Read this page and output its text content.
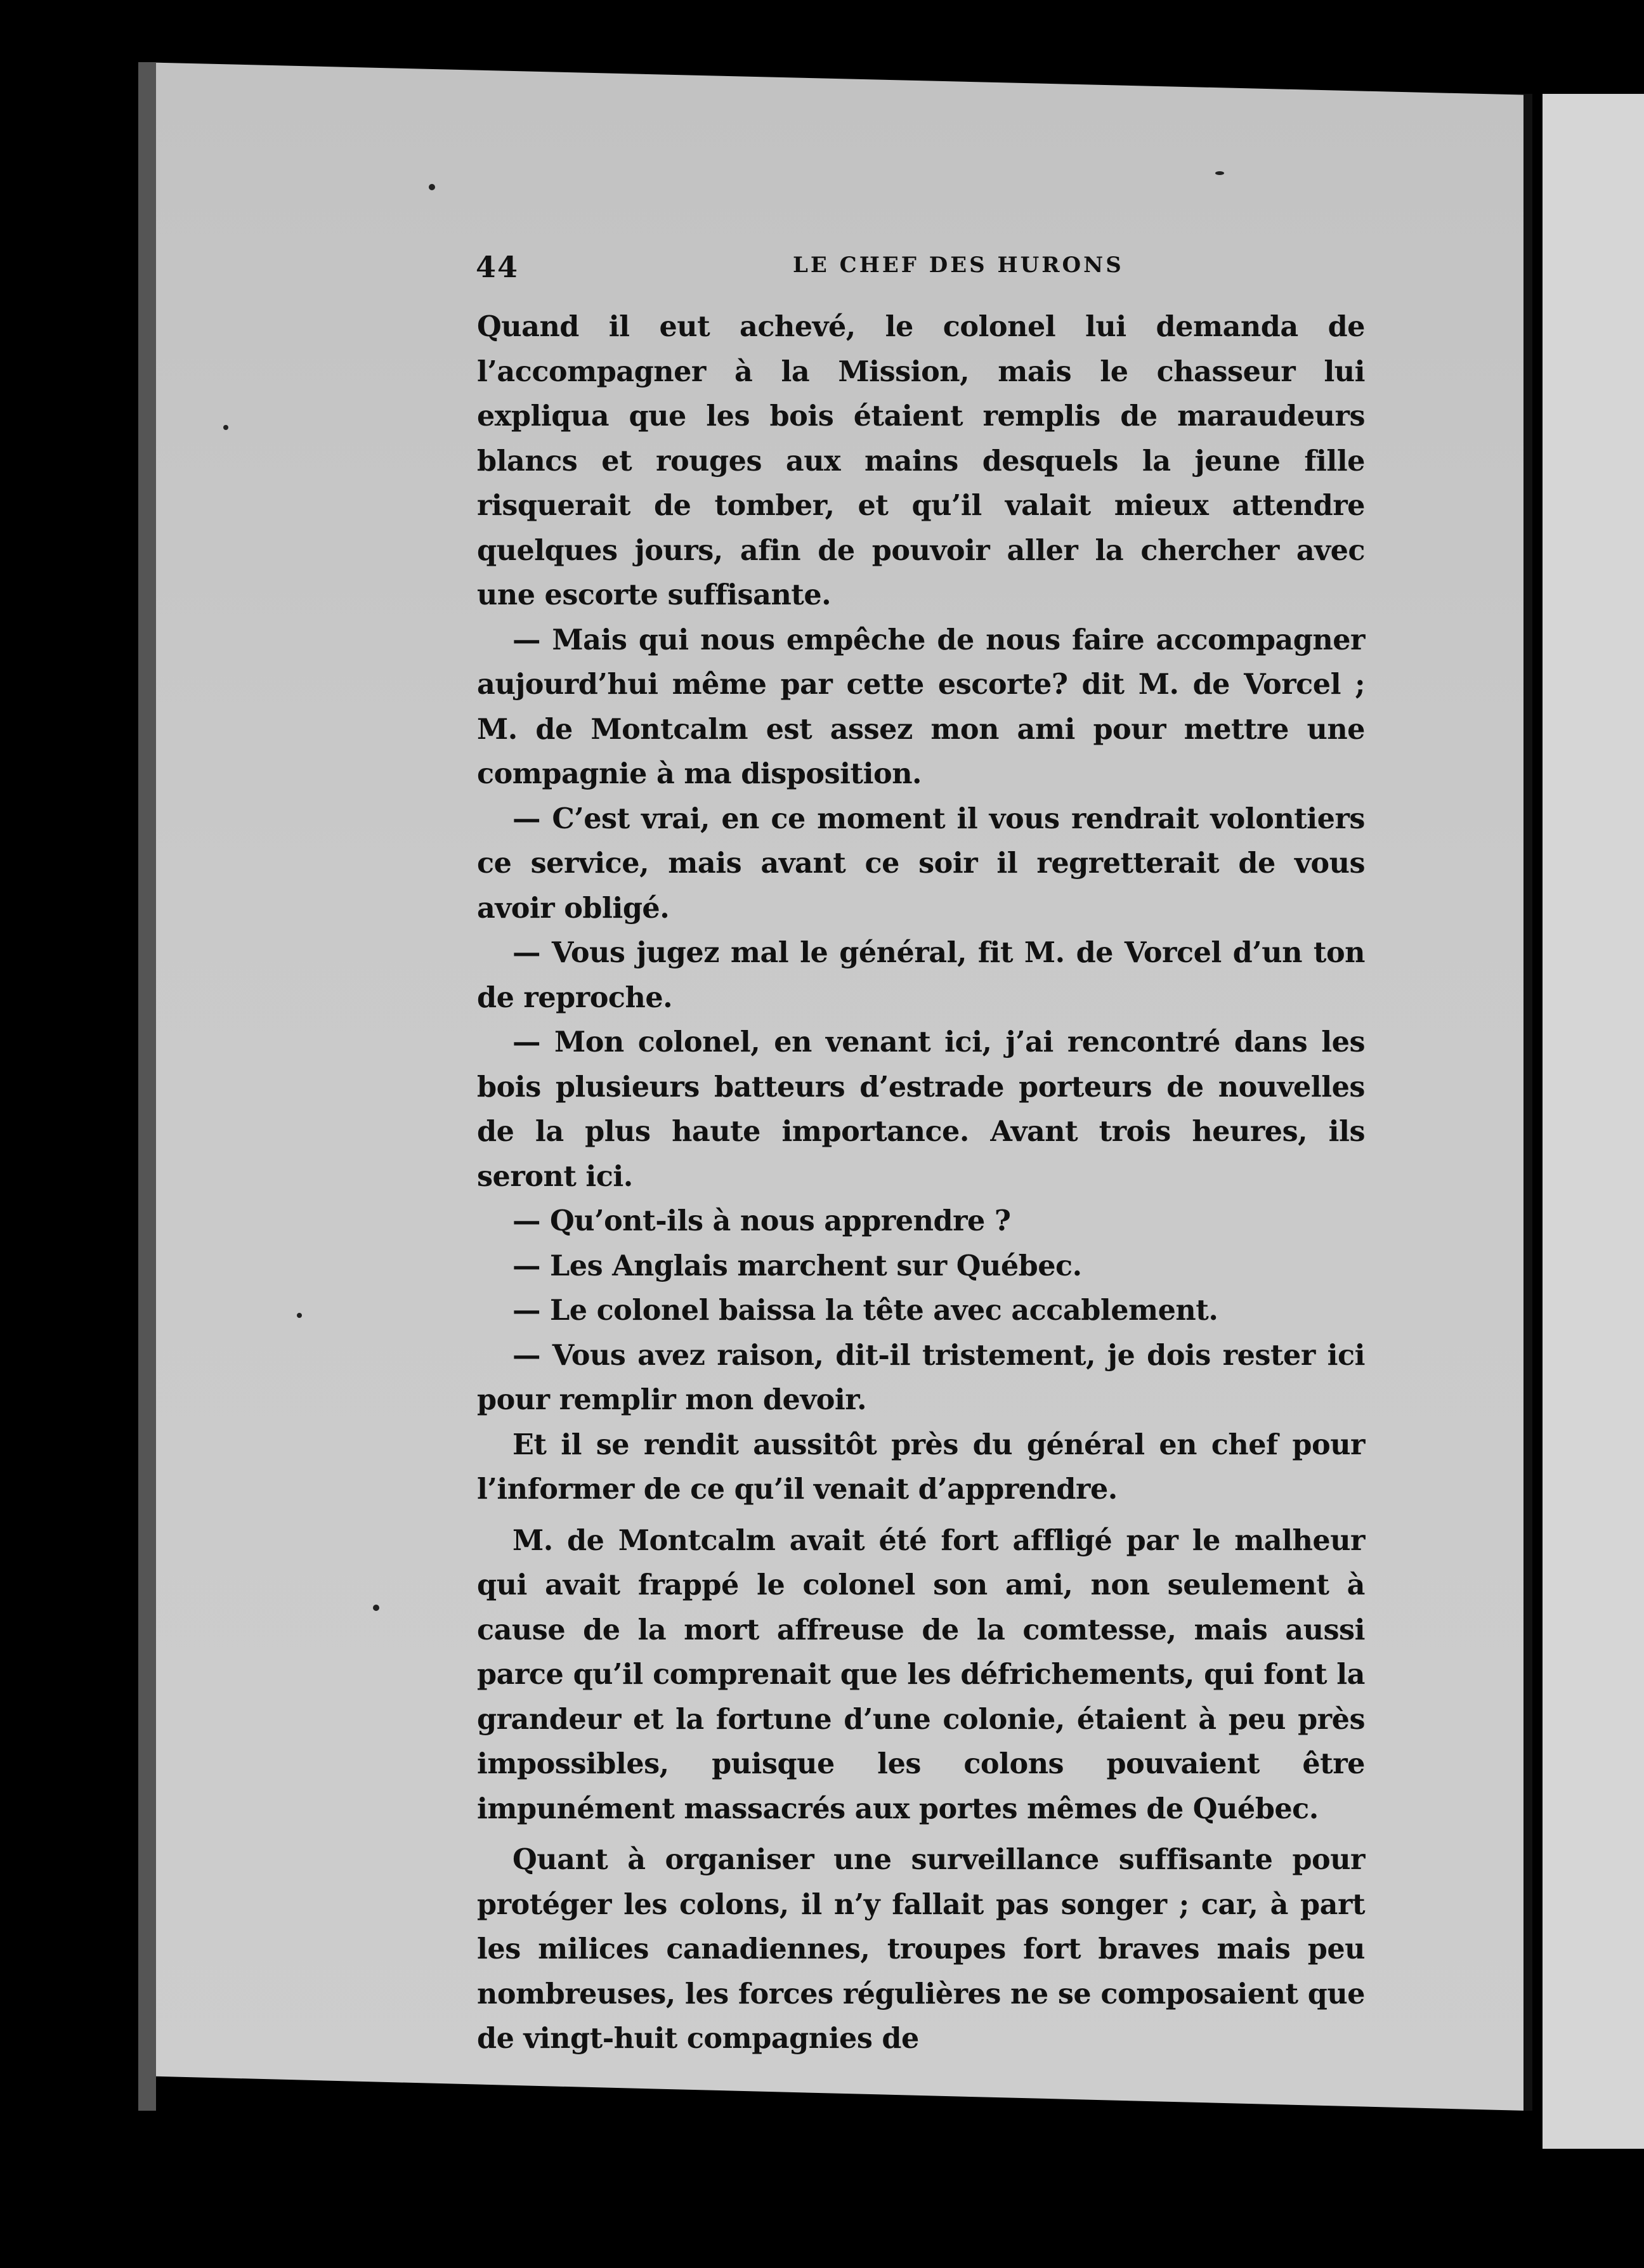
44	LE CHEF DES HURONS

Quand il eut achevé, le colonel lui demanda de l’accompagner à la Mission, mais le chasseur lui expliqua que les bois étaient remplis de maraudeurs blancs et rouges aux mains desquels la jeune fille risquerait de tomber, et qu’il valait mieux attendre quelques jours, afin de pouvoir aller la chercher avec une escorte suffisante.

— Mais qui nous empêche de nous faire accompagner aujourd’hui même par cette escorte? dit M. de Vorcel ; M. de Montcalm est assez mon ami pour mettre une compagnie à ma disposition.

— C’est vrai, en ce moment il vous rendrait volontiers ce service, mais avant ce soir il regretterait de vous avoir obligé.

— Vous jugez mal le général, fit M. de Vorcel d’un ton de reproche.

— Mon colonel, en venant ici, j’ai rencontré dans les bois plusieurs batteurs d’estrade porteurs de nouvelles de la plus haute importance. Avant trois heures, ils seront ici.

— Qu’ont-ils à nous apprendre ?

— Les Anglais marchent sur Québec.

— Le colonel baissa la tête avec accablement.

— Vous avez raison, dit-il tristement, je dois rester ici pour remplir mon devoir.

Et il se rendit aussitôt près du général en chef pour l’informer de ce qu’il venait d’apprendre.

M. de Montcalm avait été fort affligé par le malheur qui avait frappé le colonel son ami, non seulement à cause de la mort affreuse de la comtesse, mais aussi parce qu’il comprenait que les défrichements, qui font la grandeur et la fortune d’une colonie, étaient à peu près impossibles, puisque les colons pouvaient être impunément massacrés aux portes mêmes de Québec.

Quant à organiser une surveillance suffisante pour protéger les colons, il n’y fallait pas songer ; car, à part les milices canadiennes, troupes fort braves mais peu nombreuses, les forces régulières ne se composaient que de vingt-huit compagnies de
